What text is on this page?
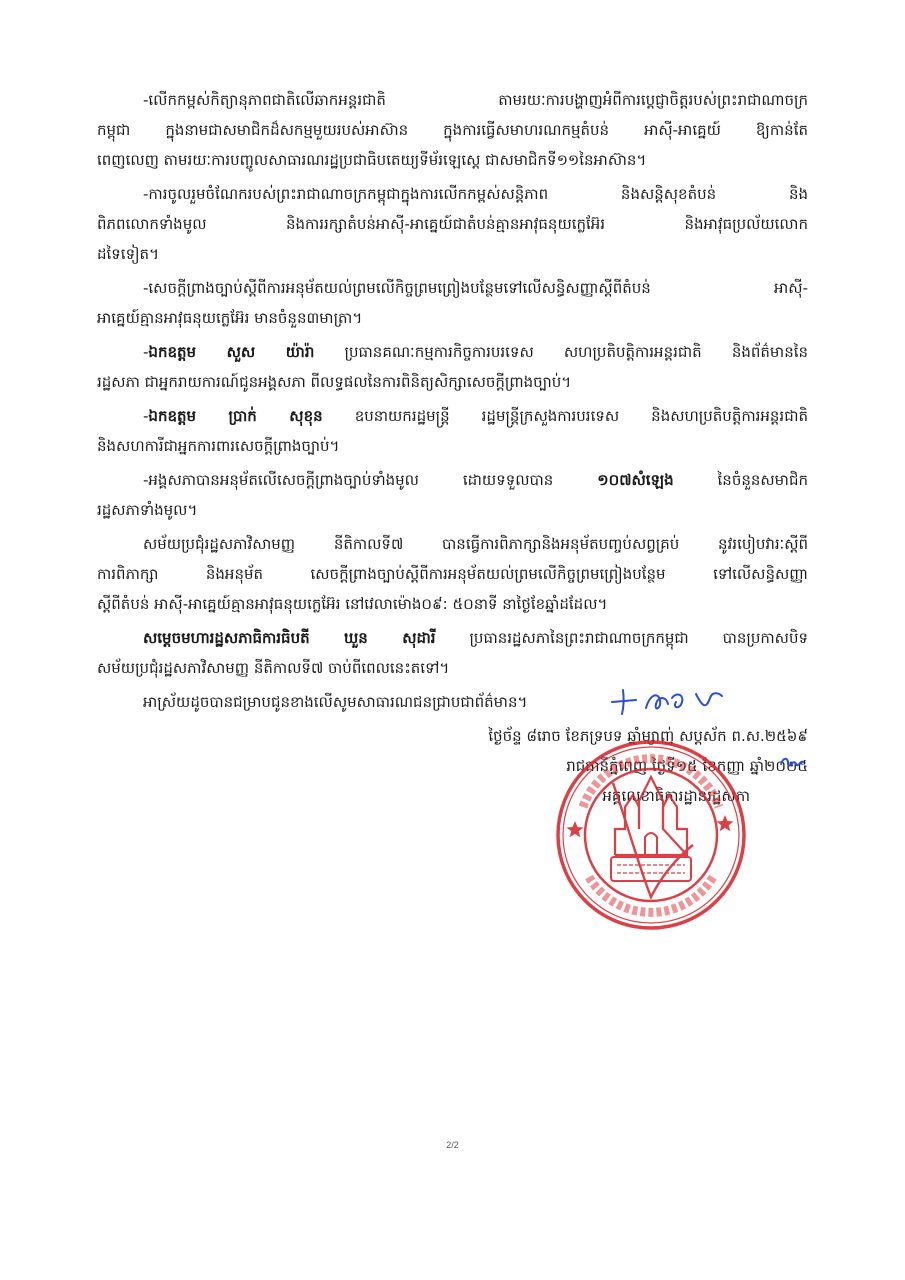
-លើកកម្ពស់កិត្យានុភាពជាតិលើឆាកអន្តរជាតិ តាមរយៈការបង្ហាញអំពីការប្តេជ្ញាចិត្តរបស់ព្រះរាជាណាចក្រ
កម្ពុជា ក្នុងនាមជាសមាជិកដ៏សកម្មមួយរបស់អាស៊ាន ក្នុងការធ្វើសមាហរណកម្មតំបន់ អាស៊ី-អាគ្នេយ៍ ឱ្យកាន់តែ
ពេញលេញ តាមរយៈការបញ្ចូលសាធារណរដ្ឋប្រជាធិបតេយ្យទីម័រឡេស្តេ ជាសមាជិកទី១១នៃអាស៊ាន។
-ការចូលរួមចំណែករបស់ព្រះរាជាណាចក្រកម្ពុជាក្នុងការលើកកម្ពស់សន្តិភាព និងសន្តិសុខតំបន់ និង
ពិភពលោកទាំងមូល និងការរក្សាតំបន់អាស៊ី-អាគ្នេយ៍ជាតំបន់គ្មានអាវុធនុយក្លេអ៊ែរ និងអាវុធប្រល័យលោក
ដទៃទៀត។
-សេចក្តីព្រាងច្បាប់ស្តីពីការអនុម័តយល់ព្រមលើកិច្ចព្រមព្រៀងបន្ថែមទៅលើសន្ធិសញ្ញាស្តីពីតំបន់ អាស៊ី-
អាគ្នេយ៍គ្មានអាវុធនុយក្លេអ៊ែរ មានចំនួន៣មាត្រា។
-ឯកឧត្តម សួស យ៉ារ៉ា ប្រធានគណៈកម្មការកិច្ចការបរទេស សហប្រតិបត្តិការអន្តរជាតិ និងព័ត៌មាននៃ
រដ្ឋសភា ជាអ្នករាយការណ៍ជូនអង្គសភា ពីលទ្ធផលនៃការពិនិត្យសិក្សាសេចក្តីព្រាងច្បាប់។
-ឯកឧត្តម ប្រាក់ សុខុន ឧបនាយករដ្ឋមន្ត្រី រដ្ឋមន្ត្រីក្រសួងការបរទេស និងសហប្រតិបត្តិការអន្តរជាតិ
និងសហការីជាអ្នកការពារសេចក្តីព្រាងច្បាប់។
-អង្គសភាបានអនុម័តលើសេចក្តីព្រាងច្បាប់ទាំងមូល ដោយទទួលបាន ១០៧សំឡេង នៃចំនួនសមាជិក
រដ្ឋសភាទាំងមូល។
សម័យប្រជុំរដ្ឋសភាវិសាមញ្ញ នីតិកាលទី៧ បានធ្វើការពិភាក្សានិងអនុម័តបញ្ចប់សព្វគ្រប់ នូវរបៀបវារៈស្តីពី
ការពិភាក្សា និងអនុម័ត សេចក្តីព្រាងច្បាប់ស្តីពីការអនុម័តយល់ព្រមលើកិច្ចព្រមព្រៀងបន្ថែម ទៅលើសន្ធិសញ្ញា
ស្តីពីតំបន់ អាស៊ី-អាគ្នេយ៍គ្មានអាវុធនុយក្លេអ៊ែរ នៅវេលាម៉ោង០៩: ៥០នាទី នាថ្ងៃខែឆ្នាំដដែល។
សម្តេចមហារដ្ឋសភាធិការធិបតី ឃួន សុដារី ប្រធានរដ្ឋសភានៃព្រះរាជាណាចក្រកម្ពុជា បានប្រកាសបិទ
សម័យប្រជុំរដ្ឋសភាវិសាមញ្ញ នីតិកាលទី៧ ចាប់ពីពេលនេះតទៅ។
អាស្រ័យដូចបានជម្រាបជូនខាងលើសូមសាធារណជនជ្រាបជាព័ត៌មាន។
ថ្ងៃច័ន្ទ ៨រោច ខែភទ្របទ ឆ្នាំម្សាញ់ សប្តស័ក ព.ស.២៥៦៩
រាជធានីភ្នំពេញ ថ្ងៃទី១៥ ខែកញ្ញា ឆ្នាំ២០២៥
អគ្គលេខាធិការដ្ឋានរដ្ឋសភា
2/2
